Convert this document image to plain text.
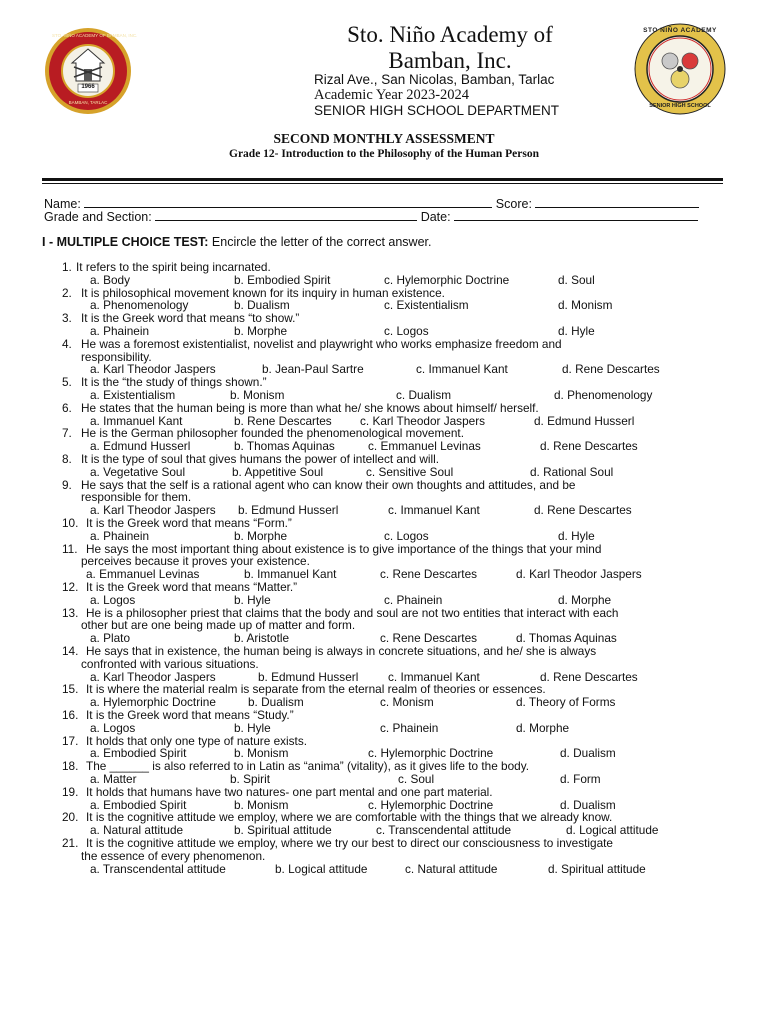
1966
STO. NIÑO ACADEMY OF BAMBAN, INC.
BAMBAN, TARLAC
STO NIÑO ACADEMY
SENIOR HIGH SCHOOL
Sto. Niño Academy of
Bamban, Inc.
Rizal Ave., San Nicolas, Bamban, Tarlac
Academic Year 2023-2024
SENIOR HIGH SCHOOL DEPARTMENT
SECOND MONTHLY ASSESSMENT
Grade 12- Introduction to the Philosophy of the Human Person
Name:	Score:
Grade and Section:	Date:
I - MULTIPLE CHOICE TEST: Encircle the letter of the correct answer.
1. It refers to the spirit being incarnated.
a. Body	b. Embodied Spirit	c. Hylemorphic Doctrine	d. Soul
2. It is philosophical movement known for its inquiry in human existence.
a. Phenomenology	b. Dualism	c. Existentialism	d. Monism
3. It is the Greek word that means “to show.”
a. Phainein	b. Morphe	c. Logos	d. Hyle
4. He was a foremost existentialist, novelist and playwright who works emphasize freedom and
responsibility.
a. Karl Theodor Jaspers	b. Jean-Paul Sartre	c. Immanuel Kant	d. Rene Descartes
5. It is the “the study of things shown.”
a. Existentialism	b. Monism	c. Dualism	d. Phenomenology
6. He states that the human being is more than what he/ she knows about himself/ herself.
a. Immanuel Kant	b. Rene Descartes c. Karl Theodor Jaspers	d. Edmund Husserl
7. He is the German philosopher founded the phenomenological movement.
a. Edmund Husserl	b. Thomas Aquinas	c. Emmanuel Levinas	d. Rene Descartes
8. It is the type of soul that gives humans the power of intellect and will.
a. Vegetative Soul	b. Appetitive Soul	c. Sensitive Soul	d. Rational Soul
9. He says that the self is a rational agent who can know their own thoughts and attitudes, and be
responsible for them.
a. Karl Theodor Jaspers b. Edmund Husserl	c. Immanuel Kant	d. Rene Descartes
10. It is the Greek word that means “Form.”
a. Phainein	b. Morphe	c. Logos	d. Hyle
11. He says the most important thing about existence is to give importance of the things that your mind
perceives because it proves your existence.
a. Emmanuel Levinas	b. Immanuel Kant	c. Rene Descartes	d. Karl Theodor Jaspers
12. It is the Greek word that means “Matter.”
a. Logos	b. Hyle	c. Phainein	d. Morphe
13. He is a philosopher priest that claims that the body and soul are not two entities that interact with each
other but are one being made up of matter and form.
a. Plato	b. Aristotle	c. Rene Descartes	d. Thomas Aquinas
14. He says that in existence, the human being is always in concrete situations, and he/ she is always
confronted with various situations.
a. Karl Theodor Jaspers	b. Edmund Husserl	c. Immanuel Kant	d. Rene Descartes
15. It is where the material realm is separate from the eternal realm of theories or essences.
a. Hylemorphic Doctrine	b. Dualism	c. Monism	d. Theory of Forms
16. It is the Greek word that means “Study.”
a. Logos	b. Hyle	c. Phainein	d. Morphe
17. It holds that only one type of nature exists.
a. Embodied Spirit	b. Monism	c. Hylemorphic Doctrine	d. Dualism
18. The ______ is also referred to in Latin as “anima” (vitality), as it gives life to the body.
a. Matter	b. Spirit	c. Soul	d. Form
19. It holds that humans have two natures- one part mental and one part material.
a. Embodied Spirit	b. Monism	c. Hylemorphic Doctrine	d. Dualism
20. It is the cognitive attitude we employ, where we are comfortable with the things that we already know.
a. Natural attitude	b. Spiritual attitude	c. Transcendental attitude	d. Logical attitude
21. It is the cognitive attitude we employ, where we try our best to direct our consciousness to investigate
the essence of every phenomenon.
a. Transcendental attitude	b. Logical attitude	c. Natural attitude	d. Spiritual attitude
